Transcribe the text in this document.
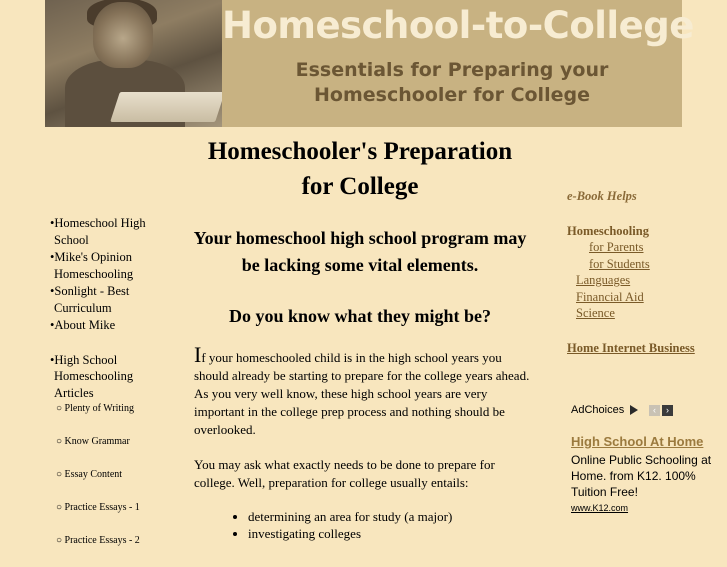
Homeschool-to-College
Essentials for Preparing your Homeschooler for College
Homeschooler's Preparation for College
•Homeschool High School
•Mike's Opinion Homeschooling
•Sonlight - Best Curriculum
•About Mike
•High School Homeschooling Articles
○ Plenty of Writing
○ Know Grammar
○ Essay Content
○ Practice Essays - 1
○ Practice Essays - 2
Your homeschool high school program may be lacking some vital elements.
Do you know what they might be?
If your homeschooled child is in the high school years you should already be starting to prepare for the college years ahead. As you very well know, these high school years are very important in the college prep process and nothing should be overlooked.
You may ask what exactly needs to be done to prepare for college. Well, preparation for college usually entails:
• determining an area for study (a major)
• investigating colleges
e-Book Helps
Homeschooling
for Parents
for Students
Languages
Financial Aid
Science
Home Internet Business
AdChoices	‹	›
High School At Home
Online Public Schooling at Home. from K12. 100% Tuition Free!
www.K12.com
